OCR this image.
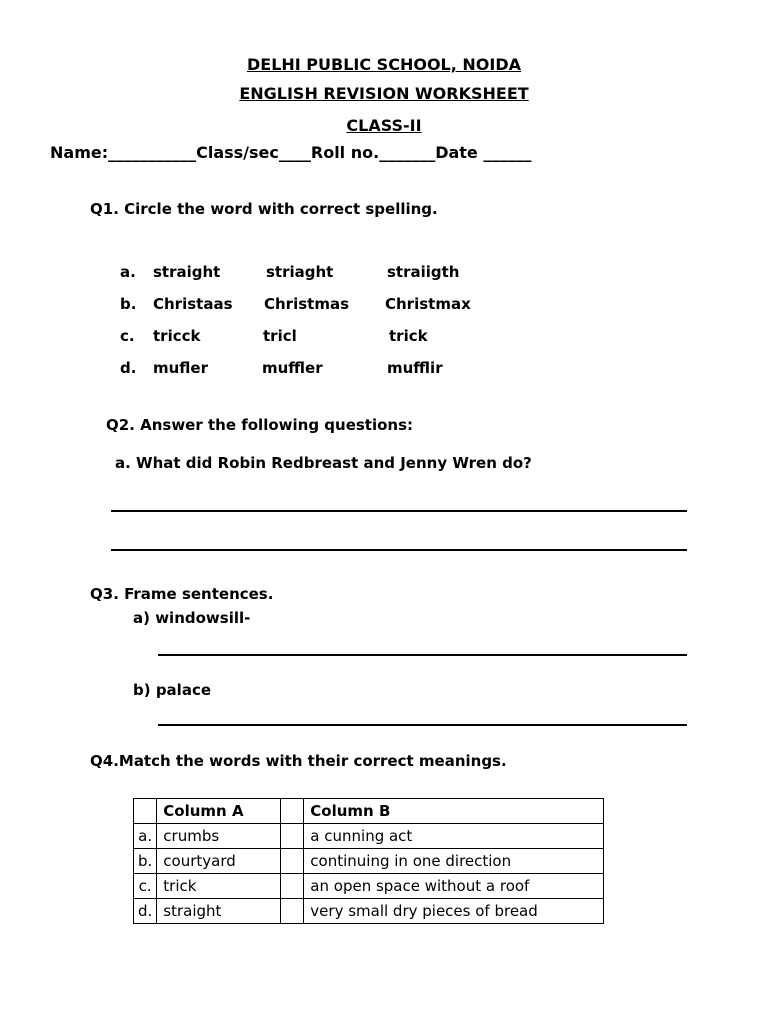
DELHI PUBLIC SCHOOL, NOIDA
ENGLISH REVISION WORKSHEET
CLASS-II
Name:___________Class/sec____Roll no._______Date ______
Q1. Circle the word with correct spelling.
a. straight	striaght	straiigth
b. Christaas Christmas Christmax
c. tricck	tricl	trick
d. mufler	muffler	mufflir
Q2. Answer the following questions:
a. What did Robin Redbreast and Jenny Wren do?
Q3. Frame sentences.
a) windowsill-
b) palace
Q4.Match the words with their correct meanings.
	Column A		Column B
a.	crumbs		a cunning act
b.	courtyard		continuing in one direction
c.	trick		an open space without a roof
d.	straight		very small dry pieces of bread
